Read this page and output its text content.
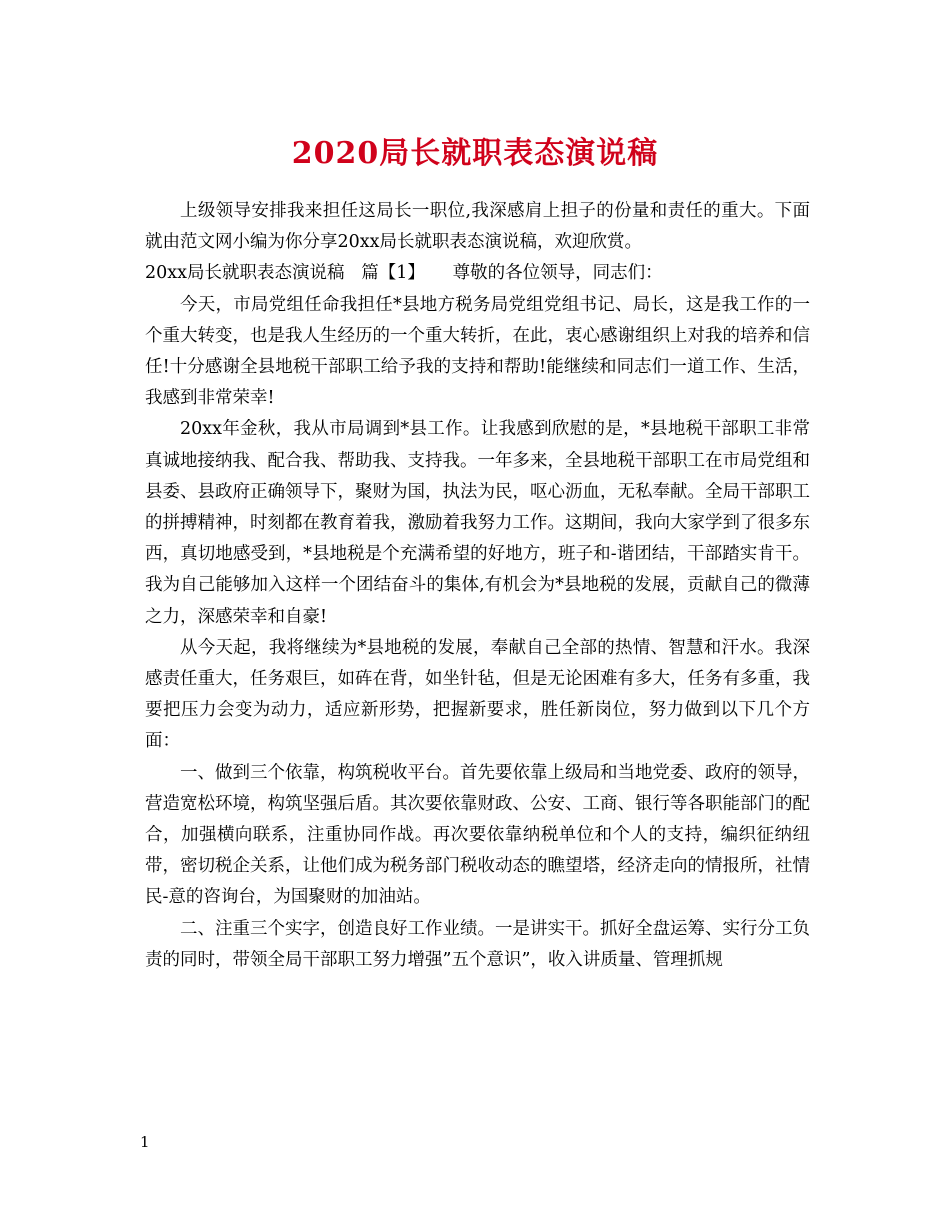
2020局长就职表态演说稿

上级领导安排我来担任这局长一职位,我深感肩上担子的份量和责任的重大。下面就由范文网小编为你分享20xx局长就职表态演说稿，欢迎欣赏。

20xx局长就职表态演说稿   篇【1】     尊敬的各位领导，同志们：

今天，市局党组任命我担任*县地方税务局党组党组书记、局长，这是我工作的一个重大转变，也是我人生经历的一个重大转折，在此，衷心感谢组织上对我的培养和信任!十分感谢全县地税干部职工给予我的支持和帮助!能继续和同志们一道工作、生活，我感到非常荣幸!

20xx年金秋，我从市局调到*县工作。让我感到欣慰的是，*县地税干部职工非常真诚地接纳我、配合我、帮助我、支持我。一年多来，全县地税干部职工在市局党组和县委、县政府正确领导下，聚财为国，执法为民，呕心沥血，无私奉献。全局干部职工的拼搏精神，时刻都在教育着我，激励着我努力工作。这期间，我向大家学到了很多东西，真切地感受到，*县地税是个充满希望的好地方，班子和-谐团结，干部踏实肯干。我为自己能够加入这样一个团结奋斗的集体,有机会为*县地税的发展，贡献自己的微薄之力，深感荣幸和自豪!

从今天起，我将继续为*县地税的发展，奉献自己全部的热情、智慧和汗水。我深感责任重大，任务艰巨，如砗在背，如坐针毡，但是无论困难有多大，任务有多重，我要把压力会变为动力，适应新形势，把握新要求，胜任新岗位，努力做到以下几个方面：

一、做到三个依靠，构筑税收平台。首先要依靠上级局和当地党委、政府的领导，营造宽松环境，构筑坚强后盾。其次要依靠财政、公安、工商、银行等各职能部门的配合，加强横向联系，注重协同作战。再次要依靠纳税单位和个人的支持，编织征纳纽带，密切税企关系，让他们成为税务部门税收动态的瞧望塔，经济走向的情报所，社情民-意的咨询台，为国聚财的加油站。

二、注重三个实字，创造良好工作业绩。一是讲实干。抓好全盘运筹、实行分工负责的同时，带领全局干部职工努力增强”五个意识”，收入讲质量、管理抓规

1
